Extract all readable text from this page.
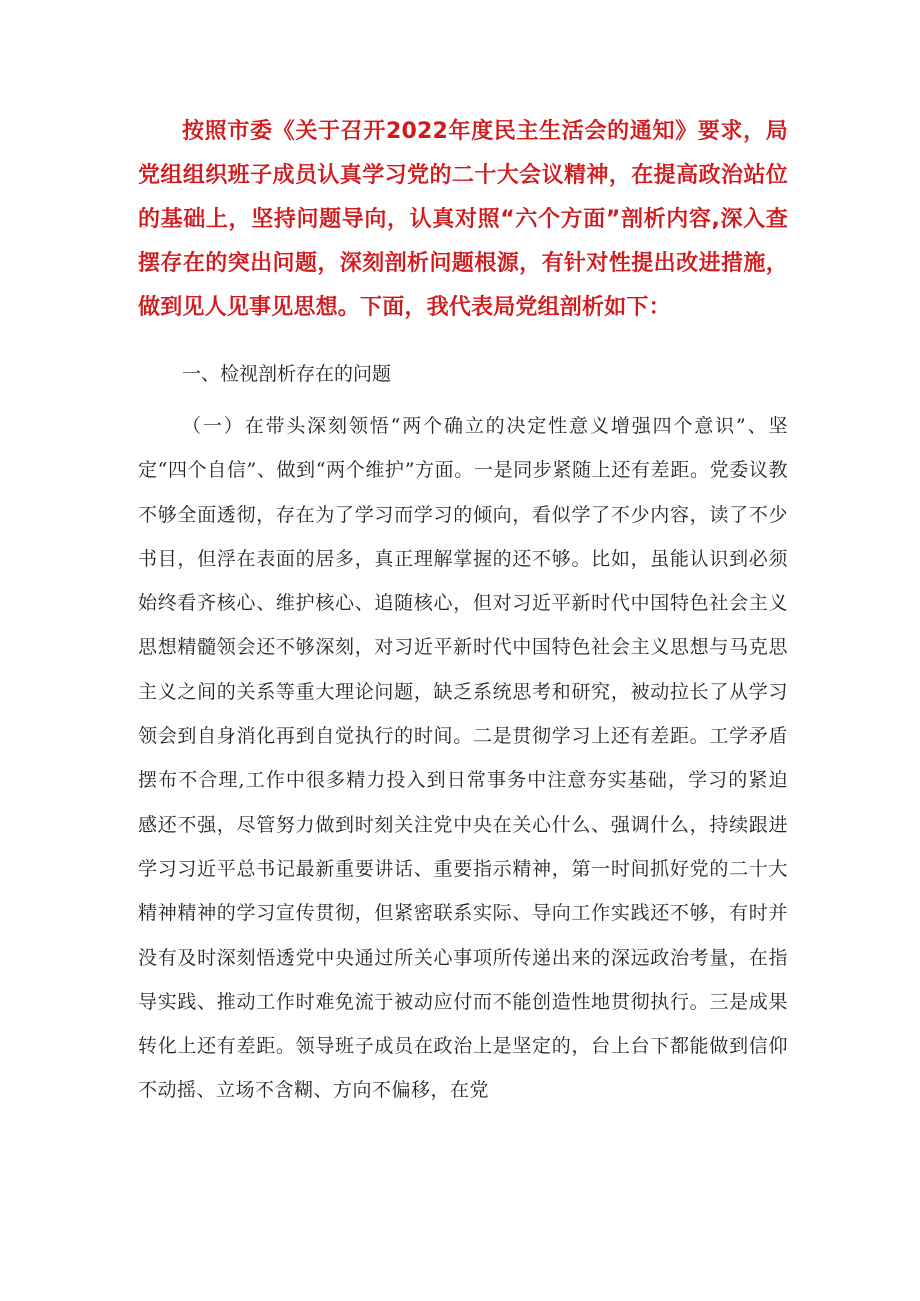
按照市委《关于召开2022年度民主生活会的通知》要求，局党组组织班子成员认真学习党的二十大会议精神，在提高政治站位的基础上，坚持问题导向，认真对照“六个方面”剖析内容,深入查摆存在的突出问题，深刻剖析问题根源，有针对性提出改进措施，做到见人见事见思想。下面，我代表局党组剖析如下：

一、检视剖析存在的问题

（一）在带头深刻领悟“两个确立的决定性意义增强四个意识”、坚定“四个自信”、做到“两个维护”方面。一是同步紧随上还有差距。党委议教不够全面透彻，存在为了学习而学习的倾向，看似学了不少内容，读了不少书目，但浮在表面的居多，真正理解掌握的还不够。比如，虽能认识到必须始终看齐核心、维护核心、追随核心，但对习近平新时代中国特色社会主义思想精髓领会还不够深刻，对习近平新时代中国特色社会主义思想与马克思主义之间的关系等重大理论问题，缺乏系统思考和研究，被动拉长了从学习领会到自身消化再到自觉执行的时间。二是贯彻学习上还有差距。工学矛盾摆布不合理,工作中很多精力投入到日常事务中注意夯实基础，学习的紧迫感还不强，尽管努力做到时刻关注党中央在关心什么、强调什么，持续跟进学习习近平总书记最新重要讲话、重要指示精神，第一时间抓好党的二十大精神精神的学习宣传贯彻，但紧密联系实际、导向工作实践还不够，有时并没有及时深刻悟透党中央通过所关心事项所传递出来的深远政治考量，在指导实践、推动工作时难免流于被动应付而不能创造性地贯彻执行。三是成果转化上还有差距。领导班子成员在政治上是坚定的，台上台下都能做到信仰不动摇、立场不含糊、方向不偏移，在党
